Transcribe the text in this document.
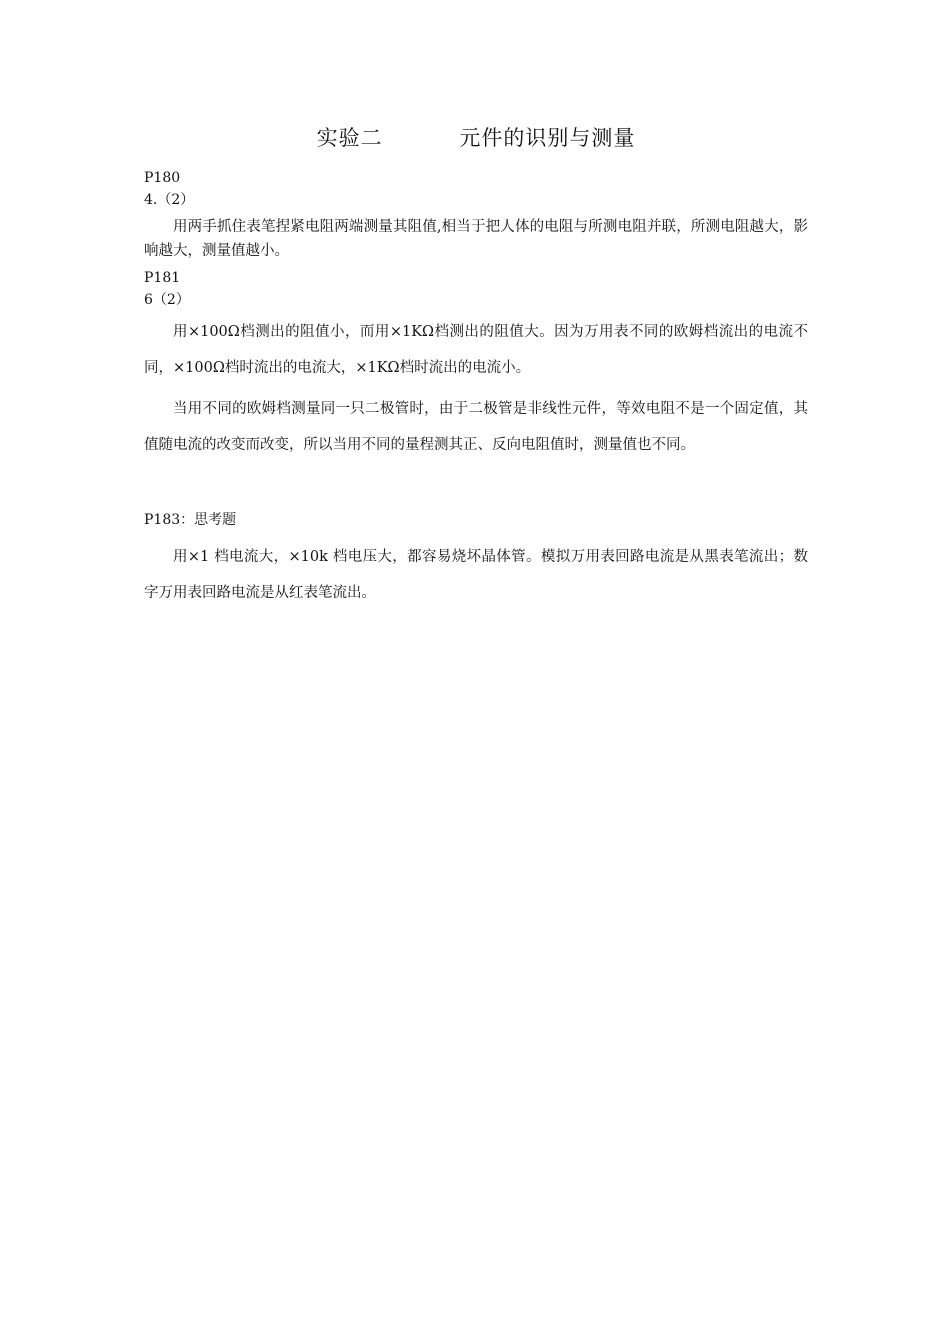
实验二          元件的识别与测量
P180
4.（2）
用两手抓住表笔捏紧电阻两端测量其阻值,相当于把人体的电阻与所测电阻并联，所测电阻越大，影响越大，测量值越小。
P181
6（2）
用×100Ω档测出的阻值小，而用×1KΩ档测出的阻值大。因为万用表不同的欧姆档流出的电流不同，×100Ω档时流出的电流大，×1KΩ档时流出的电流小。
当用不同的欧姆档测量同一只二极管时，由于二极管是非线性元件，等效电阻不是一个固定值，其值随电流的改变而改变，所以当用不同的量程测其正、反向电阻值时，测量值也不同。
P183：思考题
用×1 档电流大，×10k 档电压大，都容易烧坏晶体管。模拟万用表回路电流是从黑表笔流出；数字万用表回路电流是从红表笔流出。
